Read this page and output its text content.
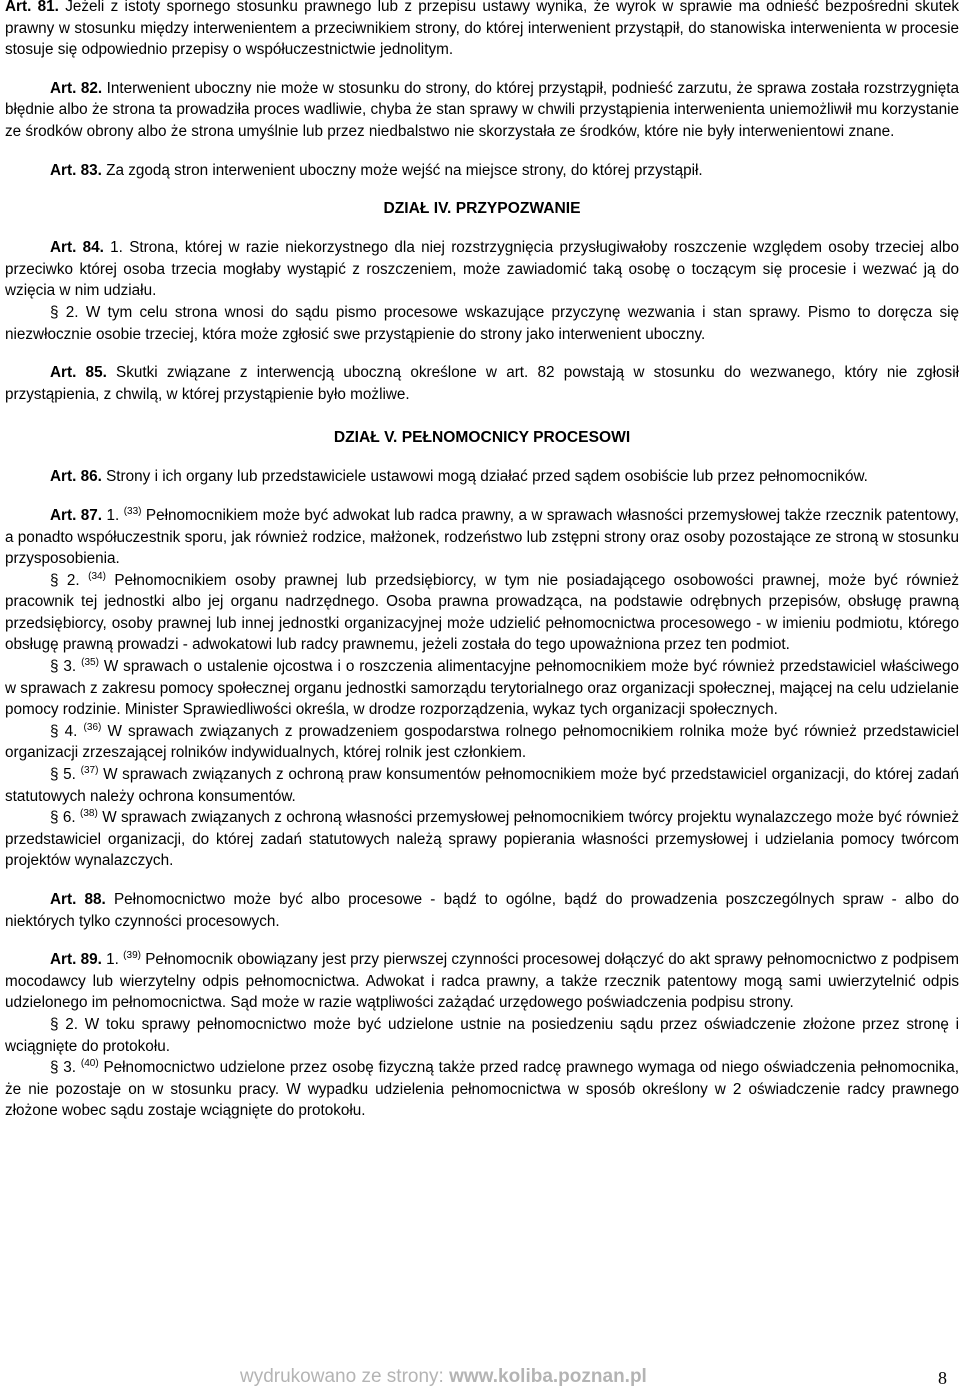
Art. 81. Jeżeli z istoty spornego stosunku prawnego lub z przepisu ustawy wynika, że wyrok w sprawie ma odnieść bezpośredni skutek prawny w stosunku między interwenientem a przeciwnikiem strony, do której interwenient przystąpił, do stanowiska interwenienta w procesie stosuje się odpowiednio przepisy o współuczestnictwie jednolitym.

Art. 82. Interwenient uboczny nie może w stosunku do strony, do której przystąpił, podnieść zarzutu, że sprawa została rozstrzygnięta błędnie albo że strona ta prowadziła proces wadliwie, chyba że stan sprawy w chwili przystąpienia interwenienta uniemożliwił mu korzystanie ze środków obrony albo że strona umyślnie lub przez niedbalstwo nie skorzystała ze środków, które nie były interwenientowi znane.

Art. 83. Za zgodą stron interwenient uboczny może wejść na miejsce strony, do której przystąpił.

DZIAŁ IV. PRZYPOZWANIE

Art. 84. 1. Strona, której w razie niekorzystnego dla niej rozstrzygnięcia przysługiwałoby roszczenie względem osoby trzeciej albo przeciwko której osoba trzecia mogłaby wystąpić z roszczeniem, może zawiadomić taką osobę o toczącym się procesie i wezwać ją do wzięcia w nim udziału.

§ 2. W tym celu strona wnosi do sądu pismo procesowe wskazujące przyczynę wezwania i stan sprawy. Pismo to doręcza się niezwłocznie osobie trzeciej, która może zgłosić swe przystąpienie do strony jako interwenient uboczny.

Art. 85. Skutki związane z interwencją uboczną określone w art. 82 powstają w stosunku do wezwanego, który nie zgłosił przystąpienia, z chwilą, w której przystąpienie było możliwe.

DZIAŁ V. PEŁNOMOCNICY PROCESOWI

Art. 86. Strony i ich organy lub przedstawiciele ustawowi mogą działać przed sądem osobiście lub przez pełnomocników.

Art. 87. 1. $^{(33)}$ Pełnomocnikiem może być adwokat lub radca prawny, a w sprawach własności przemysłowej także rzecznik patentowy, a ponadto współuczestnik sporu, jak również rodzice, małżonek, rodzeństwo lub zstępni strony oraz osoby pozostające ze stroną w stosunku przysposobienia.

§ 2. $^{(34)}$ Pełnomocnikiem osoby prawnej lub przedsiębiorcy, w tym nie posiadającego osobowości prawnej, może być również pracownik tej jednostki albo jej organu nadrzędnego. Osoba prawna prowadząca, na podstawie odrębnych przepisów, obsługę prawną przedsiębiorcy, osoby prawnej lub innej jednostki organizacyjnej może udzielić pełnomocnictwa procesowego - w imieniu podmiotu, którego obsługę prawną prowadzi - adwokatowi lub radcy prawnemu, jeżeli została do tego upoważniona przez ten podmiot.

§ 3. $^{(35)}$ W sprawach o ustalenie ojcostwa i o roszczenia alimentacyjne pełnomocnikiem może być również przedstawiciel właściwego w sprawach z zakresu pomocy społecznej organu jednostki samorządu terytorialnego oraz organizacji społecznej, mającej na celu udzielanie pomocy rodzinie. Minister Sprawiedliwości określa, w drodze rozporządzenia, wykaz tych organizacji społecznych.

§ 4. $^{(36)}$ W sprawach związanych z prowadzeniem gospodarstwa rolnego pełnomocnikiem rolnika może być również przedstawiciel organizacji zrzeszającej rolników indywidualnych, której rolnik jest członkiem.

§ 5. $^{(37)}$ W sprawach związanych z ochroną praw konsumentów pełnomocnikiem może być przedstawiciel organizacji, do której zadań statutowych należy ochrona konsumentów.

§ 6. $^{(38)}$ W sprawach związanych z ochroną własności przemysłowej pełnomocnikiem twórcy projektu wynalazczego może być również przedstawiciel organizacji, do której zadań statutowych należą sprawy popierania własności przemysłowej i udzielania pomocy twórcom projektów wynalazczych.

Art. 88. Pełnomocnictwo może być albo procesowe - bądź to ogólne, bądź do prowadzenia poszczególnych spraw - albo do niektórych tylko czynności procesowych.

Art. 89. 1. $^{(39)}$ Pełnomocnik obowiązany jest przy pierwszej czynności procesowej dołączyć do akt sprawy pełnomocnictwo z podpisem mocodawcy lub wierzytelny odpis pełnomocnictwa. Adwokat i radca prawny, a także rzecznik patentowy mogą sami uwierzytelnić odpis udzielonego im pełnomocnictwa. Sąd może w razie wątpliwości zażądać urzędowego poświadczenia podpisu strony.

§ 2. W toku sprawy pełnomocnictwo może być udzielone ustnie na posiedzeniu sądu przez oświadczenie złożone przez stronę i wciągnięte do protokołu.

§ 3. $^{(40)}$ Pełnomocnictwo udzielone przez osobę fizyczną także przed radcę prawnego wymaga od niego oświadczenia pełnomocnika, że nie pozostaje on w stosunku pracy. W wypadku udzielenia pełnomocnictwa w sposób określony w 2 oświadczenie radcy prawnego złożone wobec sądu zostaje wciągnięte do protokołu.

wydrukowano ze strony: www.koliba.poznan.pl	8
